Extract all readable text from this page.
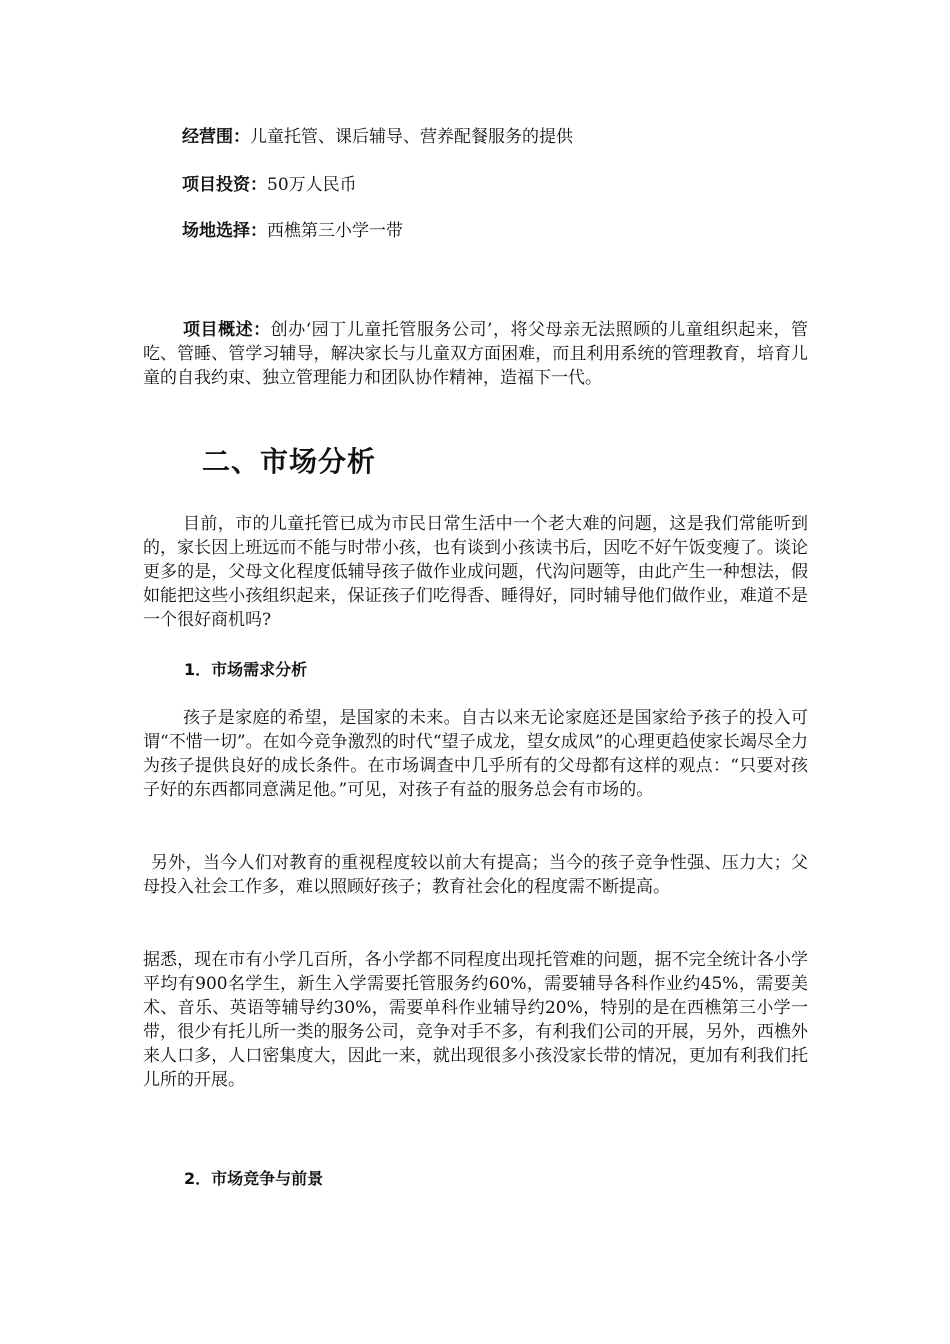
经营围：儿童托管、课后辅导、营养配餐服务的提供
项目投资：50万人民币
场地选择：西樵第三小学一带

项目概述：创办‘园丁儿童托管服务公司’，将父母亲无法照顾的儿童组织起来，管吃、管睡、管学习辅导，解决家长与儿童双方面困难，而且利用系统的管理教育，培育儿童的自我约束、独立管理能力和团队协作精神，造福下一代。

二、市场分析

目前，市的儿童托管已成为市民日常生活中一个老大难的问题，这是我们常能听到的，家长因上班远而不能与时带小孩，也有谈到小孩读书后，因吃不好午饭变瘦了。谈论更多的是，父母文化程度低辅导孩子做作业成问题，代沟问题等，由此产生一种想法，假如能把这些小孩组织起来，保证孩子们吃得香、睡得好，同时辅导他们做作业，难道不是一个很好商机吗?

1．市场需求分析

孩子是家庭的希望，是国家的未来。自古以来无论家庭还是国家给予孩子的投入可谓“不惜一切”。在如今竞争激烈的时代“望子成龙，望女成凤”的心理更趋使家长竭尽全力为孩子提供良好的成长条件。在市场调查中几乎所有的父母都有这样的观点：“只要对孩子好的东西都同意满足他。”可见，对孩子有益的服务总会有市场的。

另外，当今人们对教育的重视程度较以前大有提高；当今的孩子竞争性强、压力大；父母投入社会工作多，难以照顾好孩子；教育社会化的程度需不断提高。

据悉，现在市有小学几百所，各小学都不同程度出现托管难的问题，据不完全统计各小学平均有900名学生，新生入学需要托管服务约60%，需要辅导各科作业约45%，需要美术、音乐、英语等辅导约30%，需要单科作业辅导约20%，特别的是在西樵第三小学一带，很少有托儿所一类的服务公司，竞争对手不多，有利我们公司的开展，另外，西樵外来人口多，人口密集度大，因此一来，就出现很多小孩没家长带的情况，更加有利我们托儿所的开展。

2．市场竞争与前景
